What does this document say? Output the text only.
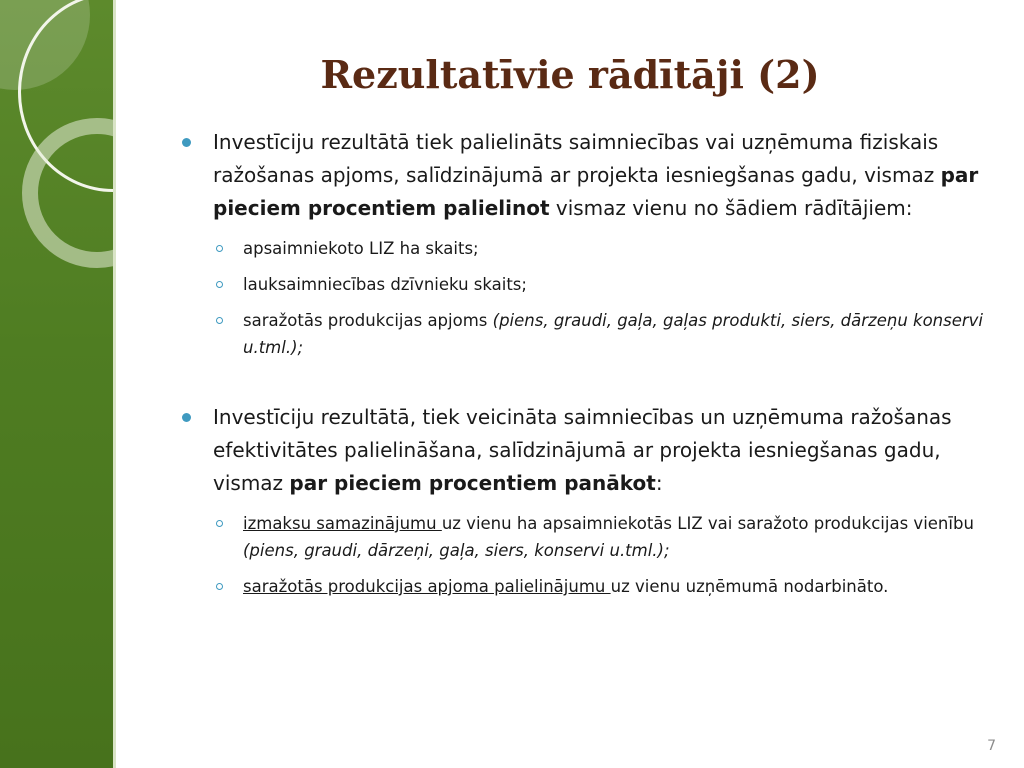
Rezultatīvie rādītāji (2)
Investīciju rezultātā tiek palielināts saimniecības vai uzņēmuma fiziskais ražošanas apjoms, salīdzinājumā ar projekta iesniegšanas gadu, vismaz par pieciem procentiem palielinot vismaz vienu no šādiem rādītājiem:
apsaimniekoto LIZ ha skaits;
lauksaimniecības dzīvnieku skaits;
saražotās produkcijas apjoms (piens, graudi, gaļa, gaļas produkti, siers, dārzeņu konservi u.tml.);
Investīciju rezultātā, tiek veicināta saimniecības un uzņēmuma ražošanas efektivitātes palielināšana, salīdzinājumā ar projekta iesniegšanas gadu, vismaz par pieciem procentiem panākot:
izmaksu samazinājumu uz vienu ha apsaimniekotās LIZ vai saražoto produkcijas vienību (piens, graudi, dārzeņi, gaļa, siers, konservi u.tml.);
saražotās produkcijas apjoma palielinājumu uz vienu uzņēmumā nodarbināto.
7
